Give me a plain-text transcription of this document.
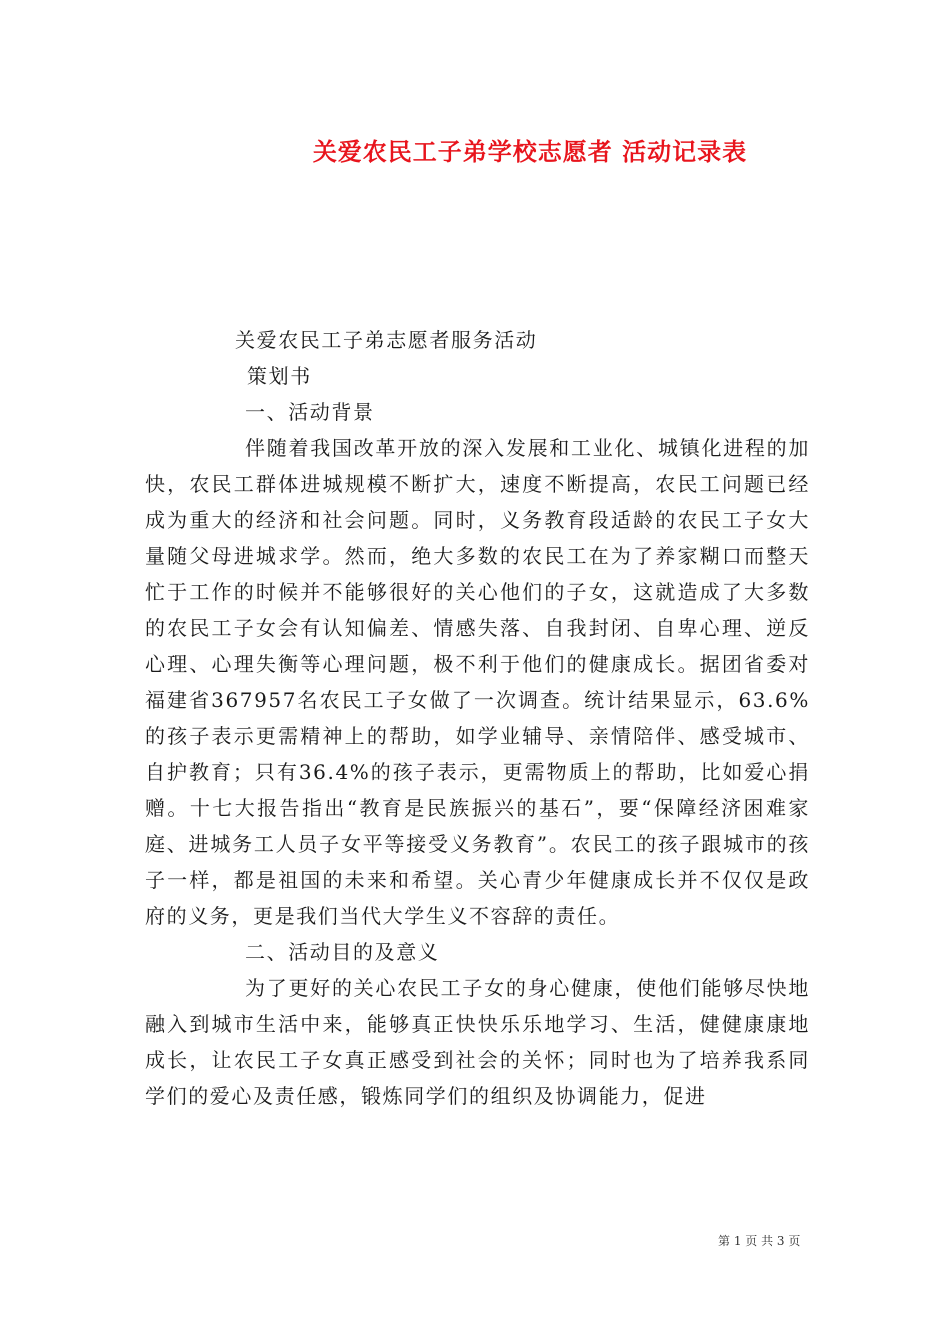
关爱农民工子弟学校志愿者 活动记录表

关爱农民工子弟志愿者服务活动

策划书

一、活动背景

伴随着我国改革开放的深入发展和工业化、城镇化进程的加快，农民工群体进城规模不断扩大，速度不断提高，农民工问题已经成为重大的经济和社会问题。同时，义务教育段适龄的农民工子女大量随父母进城求学。然而，绝大多数的农民工在为了养家糊口而整天忙于工作的时候并不能够很好的关心他们的子女，这就造成了大多数的农民工子女会有认知偏差、情感失落、自我封闭、自卑心理、逆反心理、心理失衡等心理问题，极不利于他们的健康成长。据团省委对福建省367957名农民工子女做了一次调查。统计结果显示，63.6%的孩子表示更需精神上的帮助，如学业辅导、亲情陪伴、感受城市、自护教育；只有36.4%的孩子表示，更需物质上的帮助，比如爱心捐赠。十七大报告指出“教育是民族振兴的基石”，要“保障经济困难家庭、进城务工人员子女平等接受义务教育”。农民工的孩子跟城市的孩子一样，都是祖国的未来和希望。关心青少年健康成长并不仅仅是政府的义务，更是我们当代大学生义不容辞的责任。

二、活动目的及意义

为了更好的关心农民工子女的身心健康，使他们能够尽快地融入到城市生活中来，能够真正快快乐乐地学习、生活，健健康康地成长，让农民工子女真正感受到社会的关怀；同时也为了培养我系同学们的爱心及责任感，锻炼同学们的组织及协调能力，促进

第 1 页 共 3 页
